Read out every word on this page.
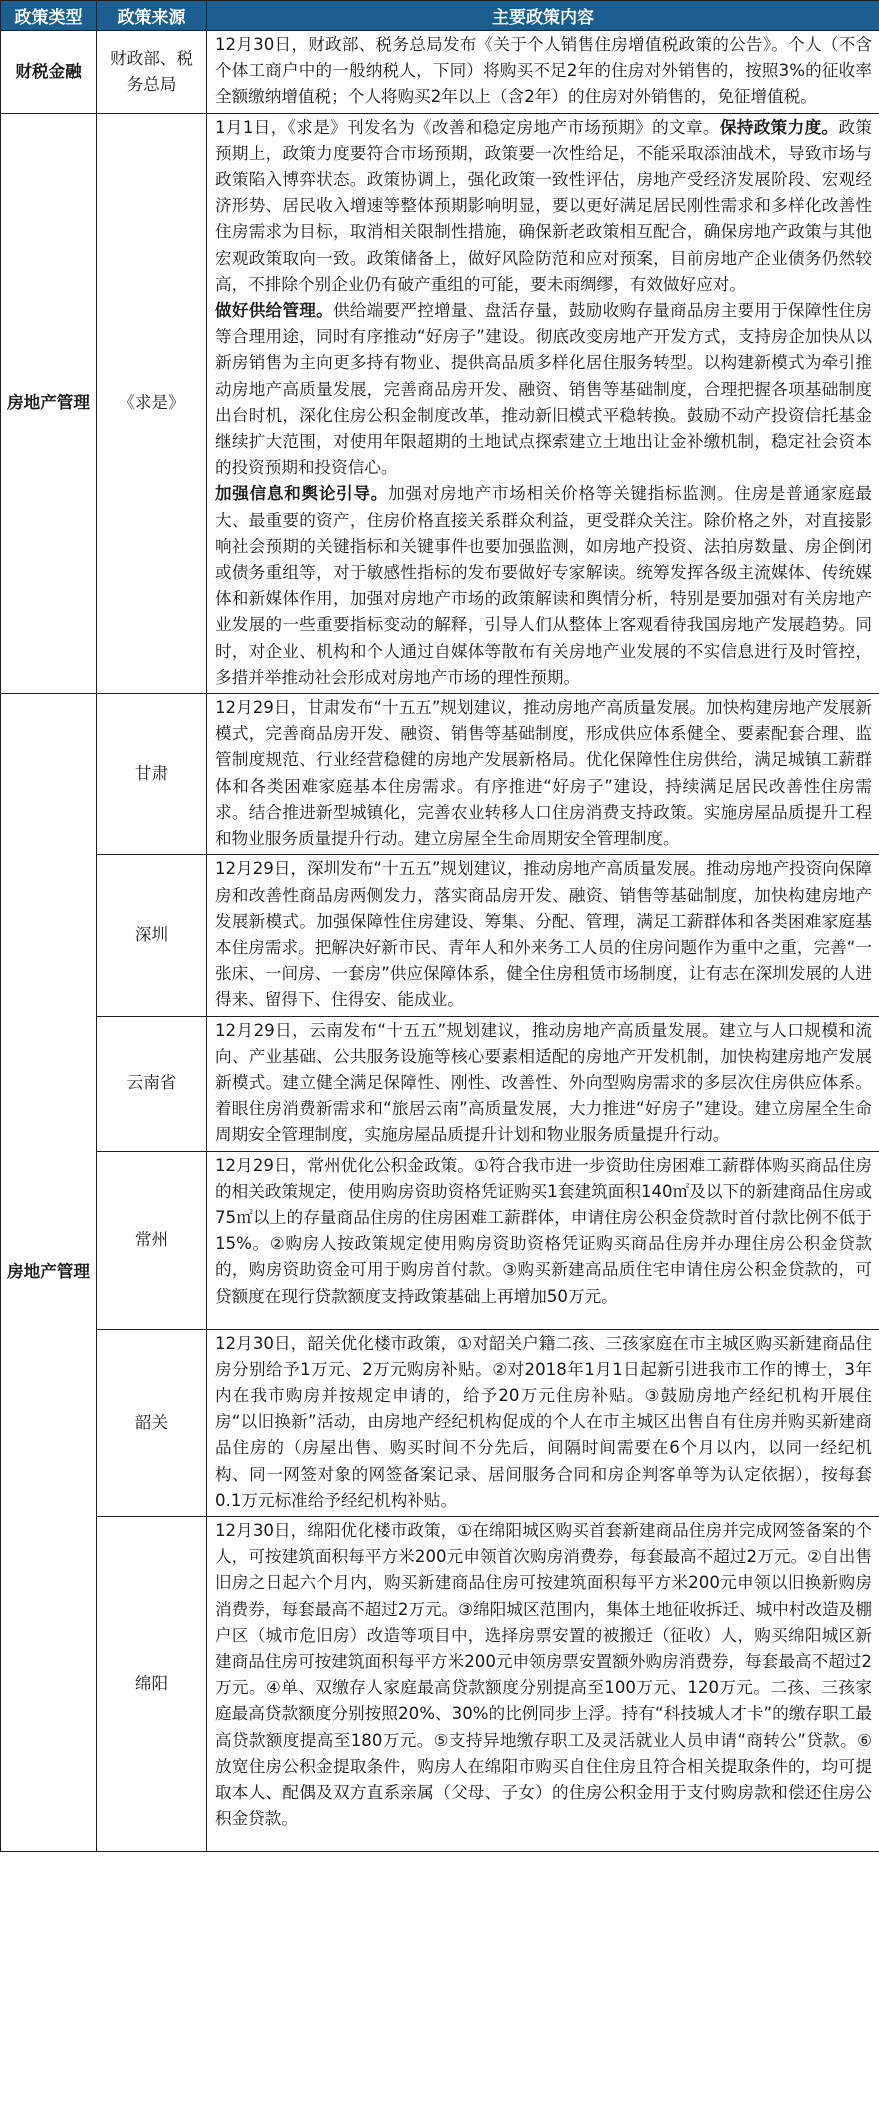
政策类型	政策来源	主要政策内容
财税金融	财政部、税务总局	12月30日，财政部、税务总局发布《关于个人销售住房增值税政策的公告》。个人（不含个体工商户中的一般纳税人，下同）将购买不足2年的住房对外销售的，按照3%的征收率全额缴纳增值税；个人将购买2年以上（含2年）的住房对外销售的，免征增值税。

房地产管理	《求是》	1月1日，《求是》刊发名为《改善和稳定房地产市场预期》的文章。保持政策力度。政策预期上，政策力度要符合市场预期，政策要一次性给足，不能采取添油战术，导致市场与政策陷入博弈状态。政策协调上，强化政策一致性评估，房地产受经济发展阶段、宏观经济形势、居民收入增速等整体预期影响明显，要以更好满足居民刚性需求和多样化改善性住房需求为目标，取消相关限制性措施，确保新老政策相互配合，确保房地产政策与其他宏观政策取向一致。政策储备上，做好风险防范和应对预案，目前房地产企业债务仍然较高，不排除个别企业仍有破产重组的可能，要未雨绸缪，有效做好应对。

做好供给管理。供给端要严控增量、盘活存量，鼓励收购存量商品房主要用于保障性住房等合理用途，同时有序推动“好房子”建设。彻底改变房地产开发方式，支持房企加快从以新房销售为主向更多持有物业、提供高品质多样化居住服务转型。以构建新模式为牵引推动房地产高质量发展，完善商品房开发、融资、销售等基础制度，合理把握各项基础制度出台时机，深化住房公积金制度改革，推动新旧模式平稳转换。鼓励不动产投资信托基金继续扩大范围，对使用年限超期的土地试点探索建立土地出让金补缴机制，稳定社会资本的投资预期和投资信心。

加强信息和舆论引导。加强对房地产市场相关价格等关键指标监测。住房是普通家庭最大、最重要的资产，住房价格直接关系群众利益，更受群众关注。除价格之外，对直接影响社会预期的关键指标和关键事件也要加强监测，如房地产投资、法拍房数量、房企倒闭或债务重组等，对于敏感性指标的发布要做好专家解读。统筹发挥各级主流媒体、传统媒体和新媒体作用，加强对房地产市场的政策解读和舆情分析，特别是要加强对有关房地产业发展的一些重要指标变动的解释，引导人们从整体上客观看待我国房地产发展趋势。同时，对企业、机构和个人通过自媒体等散布有关房地产业发展的不实信息进行及时管控，多措并举推动社会形成对房地产市场的理性预期。

房地产管理	甘肃	12月29日，甘肃发布“十五五”规划建议，推动房地产高质量发展。加快构建房地产发展新模式，完善商品房开发、融资、销售等基础制度，形成供应体系健全、要素配套合理、监管制度规范、行业经营稳健的房地产发展新格局。优化保障性住房供给，满足城镇工薪群体和各类困难家庭基本住房需求。有序推进“好房子”建设，持续满足居民改善性住房需求。结合推进新型城镇化，完善农业转移人口住房消费支持政策。实施房屋品质提升工程和物业服务质量提升行动。建立房屋全生命周期安全管理制度。

	深圳	12月29日，深圳发布“十五五”规划建议，推动房地产高质量发展。推动房地产投资向保障房和改善性商品房两侧发力，落实商品房开发、融资、销售等基础制度，加快构建房地产发展新模式。加强保障性住房建设、筹集、分配、管理，满足工薪群体和各类困难家庭基本住房需求。把解决好新市民、青年人和外来务工人员的住房问题作为重中之重，完善“一张床、一间房、一套房”供应保障体系，健全住房租赁市场制度，让有志在深圳发展的人进得来、留得下、住得安、能成业。

	云南省	12月29日，云南发布“十五五”规划建议，推动房地产高质量发展。建立与人口规模和流向、产业基础、公共服务设施等核心要素相适配的房地产开发机制，加快构建房地产发展新模式。建立健全满足保障性、刚性、改善性、外向型购房需求的多层次住房供应体系。着眼住房消费新需求和“旅居云南”高质量发展，大力推进“好房子”建设。建立房屋全生命周期安全管理制度，实施房屋品质提升计划和物业服务质量提升行动。

	常州	12月29日，常州优化公积金政策。①符合我市进一步资助住房困难工薪群体购买商品住房的相关政策规定，使用购房资助资格凭证购买1套建筑面积140㎡及以下的新建商品住房或75㎡以上的存量商品住房的住房困难工薪群体，申请住房公积金贷款时首付款比例不低于15%。②购房人按政策规定使用购房资助资格凭证购买商品住房并办理住房公积金贷款的，购房资助资金可用于购房首付款。③购买新建高品质住宅申请住房公积金贷款的，可贷额度在现行贷款额度支持政策基础上再增加50万元。

	韶关	12月30日，韶关优化楼市政策，①对韶关户籍二孩、三孩家庭在市主城区购买新建商品住房分别给予1万元、2万元购房补贴。②对2018年1月1日起新引进我市工作的博士，3年内在我市购房并按规定申请的，给予20万元住房补贴。③鼓励房地产经纪机构开展住房“以旧换新”活动，由房地产经纪机构促成的个人在市主城区出售自有住房并购买新建商品住房的（房屋出售、购买时间不分先后，间隔时间需要在6个月以内，以同一经纪机构、同一网签对象的网签备案记录、居间服务合同和房企判客单等为认定依据），按每套0.1万元标准给予经纪机构补贴。

	绵阳	12月30日，绵阳优化楼市政策，①在绵阳城区购买首套新建商品住房并完成网签备案的个人，可按建筑面积每平方米200元申领首次购房消费券，每套最高不超过2万元。②自出售旧房之日起六个月内，购买新建商品住房可按建筑面积每平方米200元申领以旧换新购房消费券，每套最高不超过2万元。③绵阳城区范围内，集体土地征收拆迁、城中村改造及棚户区（城市危旧房）改造等项目中，选择房票安置的被搬迁（征收）人，购买绵阳城区新建商品住房可按建筑面积每平方米200元申领房票安置额外购房消费券，每套最高不超过2万元。④单、双缴存人家庭最高贷款额度分别提高至100万元、120万元。二孩、三孩家庭最高贷款额度分别按照20%、30%的比例同步上浮。持有“科技城人才卡”的缴存职工最高贷款额度提高至180万元。⑤支持异地缴存职工及灵活就业人员申请“商转公”贷款。⑥放宽住房公积金提取条件，购房人在绵阳市购买自住住房且符合相关提取条件的，均可提取本人、配偶及双方直系亲属（父母、子女）的住房公积金用于支付购房款和偿还住房公积金贷款。
